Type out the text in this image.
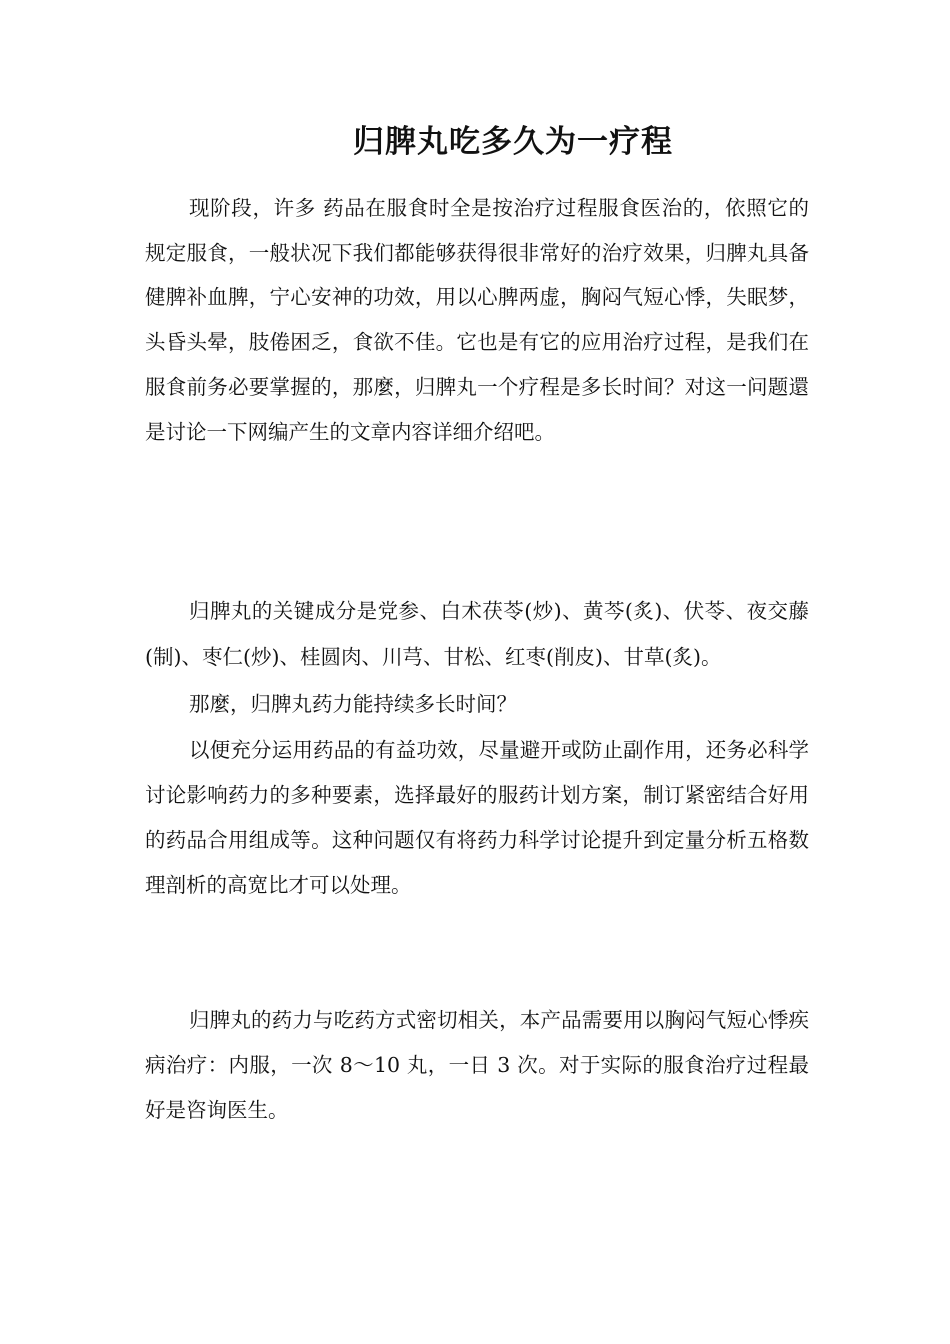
归脾丸吃多久为一疗程

现阶段，许多 药品在服食时全是按治疗过程服食医治的，依照它的规定服食，一般状况下我们都能够获得很非常好的治疗效果，归脾丸具备健脾补血脾，宁心安神的功效，用以心脾两虚，胸闷气短心悸，失眠梦，头昏头晕，肢倦困乏，食欲不佳。它也是有它的应用治疗过程，是我们在服食前务必要掌握的，那麼，归脾丸一个疗程是多长时间？对这一问题還是讨论一下网编产生的文章内容详细介绍吧。

归脾丸的关键成分是党参、白术茯苓(炒)、黄芩(炙)、伏苓、夜交藤(制)、枣仁(炒)、桂圆肉、川芎、甘松、红枣(削皮)、甘草(炙)。

那麼，归脾丸药力能持续多长时间？

以便充分运用药品的有益功效，尽量避开或防止副作用，还务必科学讨论影响药力的多种要素，选择最好的服药计划方案，制订紧密结合好用的药品合用组成等。这种问题仅有将药力科学讨论提升到定量分析五格数理剖析的高宽比才可以处理。

归脾丸的药力与吃药方式密切相关，本产品需要用以胸闷气短心悸疾病治疗：内服，一次 8～10 丸，一日 3 次。对于实际的服食治疗过程最好是咨询医生。
